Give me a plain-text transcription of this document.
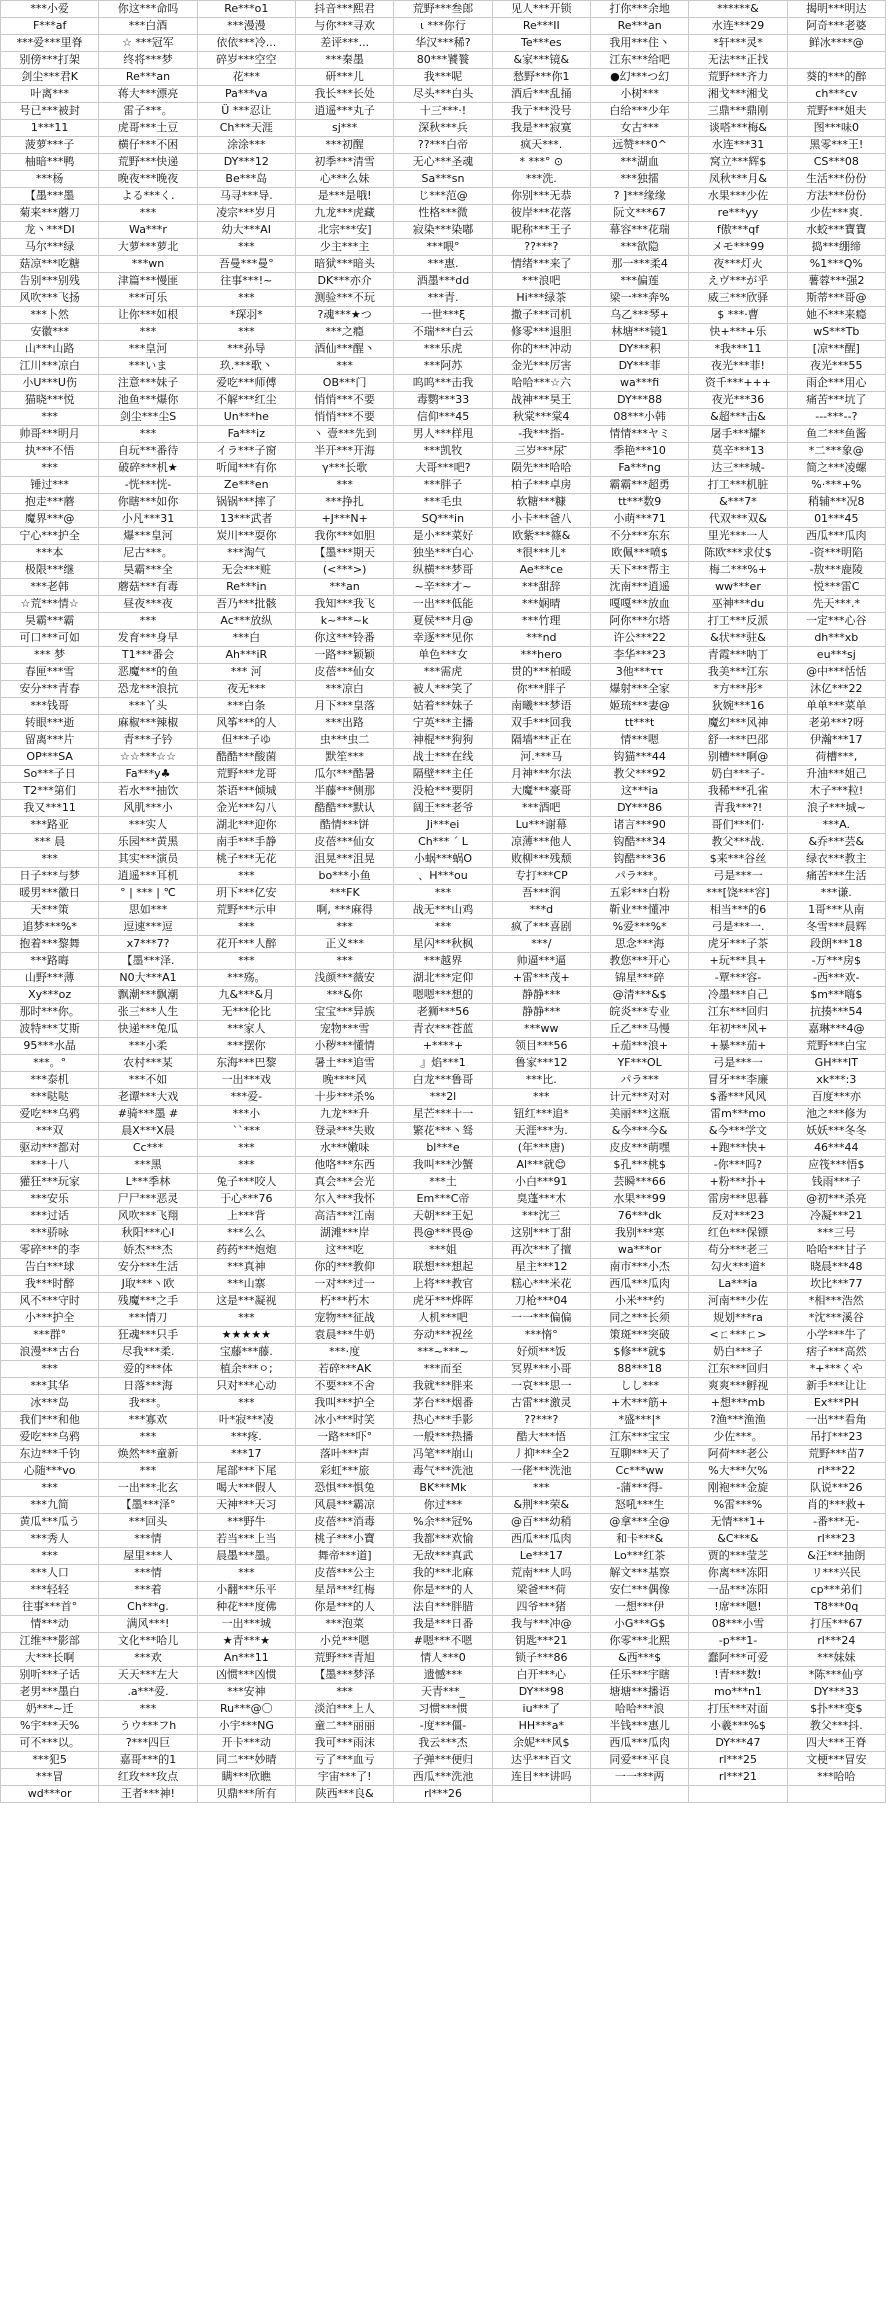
***小爱	你这***命吗	Re***o1	抖音***熙君	荒野***叁郎	见人***开锁	打你***余地	******&	揭明***明达
F***af	***白酒	***漫漫	与你***寻欢	ι ***你行	Re***ΙΙ	Re***an	水连***29	阿奇***老婆
***爱***里脊	☆ ***冠军	依依***冷...	差评***...	华汉***稀?	Te***es	我用***住丶	*轩***灵*	鲜冰****@
别傍***打架	终将***梦	碎岁***空空	***秦墨	80***饕餮	&家***镜&	江东***给吧	无法***正找	
剑尘***君K	Re***an	花***	研***儿	我***呢	愁野***你1	●幻***つ幻	荒野***齐力	葵的***的醉
叶离***	蒋大***漂亮	Pa***va	我长***长处	尽头***白头	酒后***乱捅	小树***	湘戈***湘戈	ch***cv
号已***被封	雷子***。	Ü ***忍让	逍遥***丸子	十三***·!	我亍***没号	白给***少年	三鼎***鼎刚	荒野***姐夫
1***11	虎哥***土豆	Ch***天涯	sj***	深秋***兵	我是***寂寞	女古***	谈嗒***梅&	图***味0
菠萝***子	横仔***不困	涂涂***	***初醒	??***白帝	疯天***.	远赞***0^	水连***31	黑零***王!
柚暗***鸭	荒野***快递	DY***12	初季***清雪	无心***圣魂	* ***° ⊙	***湖血	窝立***辉$	CS***08
***杨	晚夜***晚夜	Be***岛	心***么妹	Sa***sn	***洗.	***独擂	凤秋***月&	生活***份份
【墨***墨	よる***く.	马寻***导.	是***是哦!	じ***范@	你别***无恭	? ]***缘缘	水果***少佐	方法***份份
菊来***蘑刀	***	凌宗***岁月	九龙***虎藏	性格***微	彼岸***花落	阮文***67	re***yy	少佐***爽.
龙丶***DI	Wa***r	幼大***AI	北宗***安]	寂染***染嘟	昵称***王子	幕容***花瑞	f傲***qf	水蛟***寶寶
马尔***绿	大萝***萝北	***	少主***主	***喂°	??***?	***欲隐	メモ***99	捣***绷缔
菇凉***吃糖	***wn	吾曼***曼°	暗狱***暗头	***惠.	情绪***来了	那一***柔4	夜***灯火	%1***Q%
告别***别残	津篇***慢匪	往事***!~	DK***亦介	酒墨***dd	***浪吧	***偏莲	えヴ***が乎	薯蓉***强2
风吹***飞扬	***可乐	***	测验***不玩	***青.	Hi***绿茶	梁一***奔%	威三***欣驿	斯蒂***哥@
***卜然	让你***如根	*琛羽*	?魂***★つ	一世***ξ	撒子***司机	乌乙***琴+	$ ***·曹	她不***来瘾
安徽***	***	***	***之瘾	不瑞***白云	修零***退胆	林塘***镜1	快+***+乐	wS***Tb
山***山路	***皇河	***孙导	酒仙***醒丶	***乐虎	你的***冲动	DY***积	*我***11	[凉***醒]
江川***凉白	***いま	玖.***歌丶	***	***阿苏	金光***厉害	DY***菲	夜光***菲!	夜光***55
小U***U伤	注意***妹子	爱吃***师傅	OB***门	呜呜***击我	哈哈***☆六	wa***fi	资千***+++	雨企***用心
猫晓***悦	池鱼***爆你	不解***红尘	悄悄***不要	毒鹦***33	战神***昊王	DY***88	夜光***36	痛苦***坑了
***	剑尘***尘S	Un***he	悄悄***不要	信仰***45	秋棠***棠4	08***小韩	&超***击&	---***--?
帅哥***明月	***	Fa***iz	丶 壹***先到	男人***样甩	-我***指-	情情***ヤミ	屠手***耀*	鱼二***鱼酱
执***不悟	自玩***番待	イラ***子窗	半开***开海	***凯牧	三岁***尿 ̄	季艳***10	莫辛***13	*二***象@
***	破碎***机★	听闻***有你	γ***长歌	大哥***吧?	陨先***哈哈	Fa***ng	达三***城-	简之***凌螺
锤过***	-恍***恍-	Ze***en	***	***胖子	柏子***卓房	霸霸***超勇	打工***机脏	%·***+%
抱走***蘑	你瞎***如你	锅锅***摔了	***挣扎	***毛虫	软糖***糠	tt***数9	&***7*	稍辅***况8
魔界***@	小凡***31	13***武者	+J***N+	SQ***in	小卡***爸八	小萌***71	代双***双&	01***45
宁心***护全	爆***皇河	炭川***耍你	我你***如胆	是小***菜好	欧紫***篠&	不分***东东	里光***一人	西瓜***瓜肉
***本	尼古***。	***淘气	【墨***期天	独坐***白心	*很***儿*	欧佩***喷$	陈欧***求仗$	-资***明陷
极限***继	昊霸***全	无会***赃	(<***>)	纵横***梦哥	Ae***ce	天下***帮主	梅二***%+	-敖***鹿陵
***老韩	蘑菇***有毒	Re***in	***an	~辛***才~	***甜辞	沈南***逍遥	ww***er	悦***雷C
☆荒***情☆	昼夜***夜	吾乃***批骸	我知***我飞	一出***低能	***娴晴	嘎嘎***放血	巫神***du	先天***.*
昊霸***霸	***	Ac***放纵	k~***~k	夏侯***月@	***竹理	阿你***尔塔	打工***反派	一定***心谷
可口***可如	发育***身早	***白	你这***铃番	幸逐***见你	***nd	许公***22	&状***驻&	dh***xb
*** 梦	T1***番会	Ah***iR	一路***颖颖	单色***女	***hero	李华***23	青霞***呐丁	eu***sj
春匣***雪	恶魔***的鱼	*** 河	皮蓓***仙女	***需虎	贯的***柏暖	3他***ττ	我美***江东	@中***恬恬
安分***青春	恐龙***浪抗	夜无***	***凉白	被人***笑了	你***胖子	爆射***全家	*方***彤*	沐亿***22
***钱哥	***丫头	***白条	月下***皇落	姑着***妹子	南曦***梦语	姬琉***妻@	狄婉***16	单单***菜单
转眼***逝	麻椒***辣椒	风筝***的人	***出路	宁英***主播	双手***回我	tt***t	魔幻***风神	老弟***?呀
留离***片	青***子钤	但***子ゆ	虫***虫二	神棍***狗狗	隔墙***正在	情***嗯	舒一***巴邵	伊瀚***17
OP***SA	☆☆***☆☆	酷酷***酸菌	默笙***	战士***在线	河.***马	钩猫***44	别槽***啊@	荷槽***,
So***子日	Fa***y♣	荒野***龙哥	瓜尔***酷暑	隔壁***主任	月神***尔法	教父***92	奶白***子-	升油***姐己
T2***第们	若水***抽饮	茶语***倾城	半藤***侧那	没枪***要阴	大魔***豪哥	这***ia	我稀***孔雀	木子***粒!
我又***11	风肌***小	金光***勾八	酷酷***默认	阔王***老爷	***酒吧	DY***86	青我***?!	浪子***城~
***路亚	***实人	湖北***迎你	酷情***饼	Ji***ei	Lu***谢幕	诸言***90	哥们***们·	***A.
*** 晨	乐园***黄黑	南手***手静	皮蓓***仙女	Ch*** ˊ L	凉薄***他人	钩酷***34	教父***战.	&乔***芸&
***	其实***演员	桃子***无花	沮晃***沮晃	小蜗***蜗O	败柳***残颓	钩酷***36	$来***谷丝	绿衣***教主
日子***与梦	逍遥***耳机	***	bo***小鱼	、H***ou	专打***CP	パラ***。	弓是***一	痛苦***生活
暖男***徽日	° | *** | ℃	玥下***亿安	***FK	***	吾***润	五彩***白粉	***[饶***容]	***谦.
天***策	思如***	荒野***示申	啊, ***麻得	战无***山鸡	***d	靳业***懂冲	相当***的6	1哥***从南
追梦***%*	逗速***逗	***	***	***	疯了***喜剧	%爱***%*	弓是***一.	冬雪***晨辉
抱着***黎舞	x7***7?	花开***人醉	正义***	星闪***秋枫	***/	思念***海	虎牙***子茶	段朗***18
***路晦	【墨***泽.	***	***	***越界	帅逼***逼	教您***开心	+玩***具+	-万***房$
山野***薄	N0大***A1	***殇。	浅颜***薇安	湖北***定仰	+雷***茂+	锦星***碎	-覃***容-	-西***欢-
Xy***oz	飘潮***飘潮	九&***&月	***&你	嗯嗯***想的	静静***	@清***&$	冷墨***自己	$m***嗨$
那时***你。	张三***人生	无***伦比	宝宝***异族	老狮***56	静静***	皖炎***专业	江东***回归	抗揍***54
波特***艾斯	快递***兔瓜	***家人	宠物***雪	青衣***苍蓝	***ww	丘乙***马慢	年初***风+	嘉琳***4@
95***水晶	***小柔	***摆你	小秽***懂情	+****+	领目***56	+茄***浪+	+暴***茄+	荒野***白宝
***。°	农村***某	东海***巴黎	暑土***追雪	』焰***1	鲁家***12	YF***OL	弓是***一	GH***IT
***泰机	***不如	一出***戏	晚****风	白龙***鲁哥	***比.	パラ***	冒牙***李廉	xk***:3
***哒哒	老谭***大戏	***爱-	十步***杀%	***2l	***	计元***对对	$番***风风	百度***亦
爱吃***乌鸦	#骑***墨 #	***小	九龙***升	星芒***十一	钮红***追*	美丽***这瓶	雷m***mo	池之***修为
***双	晨X***X晨	``***	登录***失败	繁花***丶驽	天涯***为.	&今***今&	&今***学文	妖妖***冬冬
驱动***都对	Cc***	***	水***嫩味	bl***e	(年***唐)	皮皮***萌嘿	+跑***快+	46***44
***十八	***黑	***	他咯***东西	我叫***沙蟹	Al***就😊	$孔***桃$	-你***吗?	应筏***悟$
獾狂***玩家	L***季林	兔子***咬人	真会***会光	***土	小白***91	芸瞬***66	+粉***扑+	钱雨***子
***安乐	尸尸***恶灵	于心***76	尔入***我怀	Em***C帝	臭蓬***木	水果***99	雷房***思暮	@初***杀亮
***过话	风吹***飞翔	上***背	高洁***江南	天朝***王妃	***沈三	76***dk	反对***23	冷凝***21
***骄咏	秋阳***心Ⅰ	***么么	湖滩***岸	畏@***畏@	这别***丁甜	我别***寒	红色***保镖	***三号
零碎***的李	娇杰***杰	药药***炮炮	这***吃	***姐	再次***了擅	wa***or	苟分***老三	哈哈***甘子
告白***球	安分***生活	***真神	你的***教仰	联想***想起	星主***12	南市***小杰	勾火***道*	晓晨***48
我***时醉	J取***丶欧	***山寨	一对***过一	上将***教官	糕心***米花	西瓜***瓜肉	La***ia	坎比***77
风不***守时	残魔***之手	这是***凝视	朽***朽木	虎牙***烨晖	刀枪***04	小米***约	河南***少佐	*相***浩然
小***护全	***情刀	***	宠物***征战	人机***吧	一一***偏偏	同之***长须	规划***ra	*沈***溪谷
***群°	狂魂***只手	★★★★★	袁晨***牛奶	夯动***祝丝	***惰°	策斑***突破	<ㄈ***ㄈ>	小学***牛了
浪漫***古台	尽我***柔.	宝藤***藤.	***·度	***~***~	好烦***饭	$修***就$	奶白***子	痞子***高然
***	爱的***体	植余***ㅇ;	若碎***AK	***而至	冥界***小哥	88***18	江东***回归	*+***くや
***其华	日落***海	只对***心动	不要***不舍	我就***胖来	一哀***思一	しし***	爽爽***孵视	新手***让让
冰***岛	我***。	***	我叫***护全	茅台***烟番	古雷***激灵	+木***筋+	+想***mb	Ex***PH
我们***和他	***寡欢	叶*寂***凌	冰小***时笑	热心***手影	??***?	*盛***|*	?渔***渔渔	一出***看角
爱吃***乌鸦	***	***疼.	一路***吓°	一般***热播	酷大***悟	江东***宝宝	少佐***。	吊打***23
东边***千钧	焕然***童新	***17	落叶***声	冯笔***崩山	丿抑***全2	互聊***天了	阿荷***老公	荒野***苗7
心随***vo	***	尾部***下尾	彩虹***旅	毒气***洗池	一佬***洗池	Cc***ww	%大***欠%	rl***22
***	一出***北玄	喝大***假人	恐惧***惧兔	BK***Mk	***	-蒲***得-	刚袍***金旋	队说***26
***九简	【墨***泽°	天神***天习	风晨***霸凉	你过***	&荆***荣&	怒吼***生	%雷***%	肖的***救+
黄瓜***瓜う	***回头	***野牛	皮蓓***消毒	%余***冠%	@百***幼稍	@拿***全@	无情***1+	-番***无-
***秀人	***情	若当***上当	桃子***小寶	我都***欢愉	西瓜***瓜肉	和卡***&	&C***&	rl***23
***	屋里***人	晨墨***墨。	舞帝***道]	无敌***真武	Le***17	Lo***红茶	贾的***莹芝	&汪***抽朗
***人口	***情	***	皮蓓***公主	我的***北麻	荒南***人吗	解文***基察	你离***冻阳	リ***兴民
***轻轻	***着	小翻***乐平	星昂***红梅	你是***的人	梁爸***荷	安仁***偶像	一品***冻阳	cp***弟们
往事***首°	Ch***g.	种花***度佛	你是***的人	法自***胖腊	四爷***猪	一想***伊	!席***嗯!	T8***0q
情***动	满风***!	一出***城	***泡菜	我是***日番	我与***冲@	小G***G$	08***小雪	打压***67
江维***影部	文化***哈儿	★青***★	小兑***嗯	#嗯***不嗯	钥匙***21	你零***北熙	-p***1-	rl***24
大***长啊	***欢	An***11	荒野***青旭	情人***0	锁子***86	&西***$	蠢阿***可爱	***妹妹
别听***子话	天天***左大	凶惯***凶惯	【墨***梦泽	遗憾***	白开***心	任乐***宇瞎	!青***数!	*陈***仙亨
老男***墨白	.a***爱.	***安神	***	天青***_	DY***98	塘塘***播语	mo***n1	DY***33
奶***~迁	***	Ru***@〇	淡泊***上人	习惯***惯	iu***了	哈哈***浪	打压***对面	$扑***变$
%宇***天%	うウ***フh	小宇***NG	童二***丽丽	-度***僵-	HH***a*	半钱***惠儿	小羲***%$	教父***抖.
可不***以。	?***四巨	开卡***动	我可***雨沫	我云***杰	余妮***风$	西瓜***瓜肉	DY***47	四大***王脊
***犯5	嘉哥***的1	同二***妙晴	亏了***血亏	子弹***便归	达乎***百文	同爱***平良	rl***25	文梗***冒安
***冒	红玫***玫点	瞒***欣瞧	宇宙***了!	西瓜***洗池	连目***讲吗	一一***两	rl***21	***哈哈
wd***or	王者***神!	贝鼎***所有	陕西***良&	rl***26				
